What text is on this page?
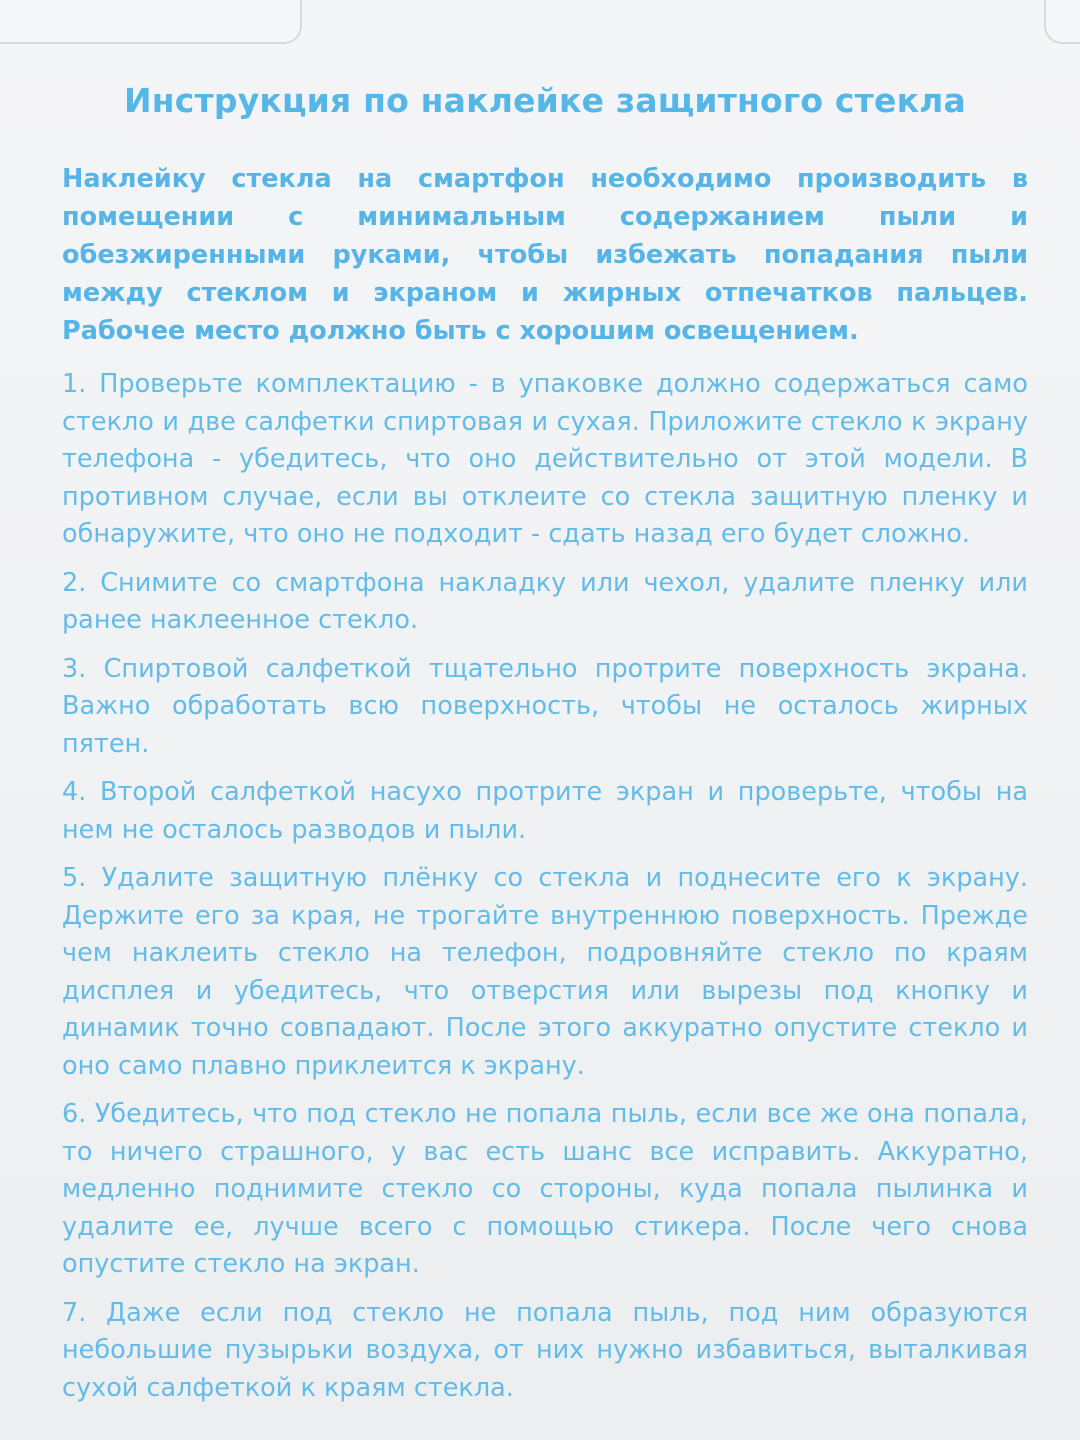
Инструкция по наклейке защитного стекла

Наклейку стекла на смартфон необходимо производить в помещении с минимальным содержанием пыли и обезжиренными руками, чтобы избежать попадания пыли между стеклом и экраном и жирных отпечатков пальцев. Рабочее место должно быть с хорошим освещением.

1. Проверьте комплектацию - в упаковке должно содержаться само стекло и две салфетки спиртовая и сухая. Приложите стекло к экрану телефона - убедитесь, что оно действительно от этой модели. В противном случае, если вы отклеите со стекла защитную пленку и обнаружите, что оно не подходит - сдать назад его будет сложно.

2. Снимите со смартфона накладку или чехол, удалите пленку или ранее наклеенное стекло.

3. Спиртовой салфеткой тщательно протрите поверхность экрана. Важно обработать всю поверхность, чтобы не осталось жирных пятен.

4. Второй салфеткой насухо протрите экран и проверьте, чтобы на нем не осталось разводов и пыли.

5. Удалите защитную плёнку со стекла и поднесите его к экрану. Держите его за края, не трогайте внутреннюю поверхность. Прежде чем наклеить стекло на телефон, подровняйте стекло по краям дисплея и убедитесь, что отверстия или вырезы под кнопку и динамик точно совпадают. После этого аккуратно опустите стекло и оно само плавно приклеится к экрану.

6. Убедитесь, что под стекло не попала пыль, если все же она попала, то ничего страшного, у вас есть шанс все исправить. Аккуратно, медленно поднимите стекло со стороны, куда попала пылинка и удалите ее, лучше всего с помощью стикера. После чего снова опустите стекло на экран.

7. Даже если под стекло не попала пыль, под ним образуются небольшие пузырьки воздуха, от них нужно избавиться, выталкивая сухой салфеткой к краям стекла.
